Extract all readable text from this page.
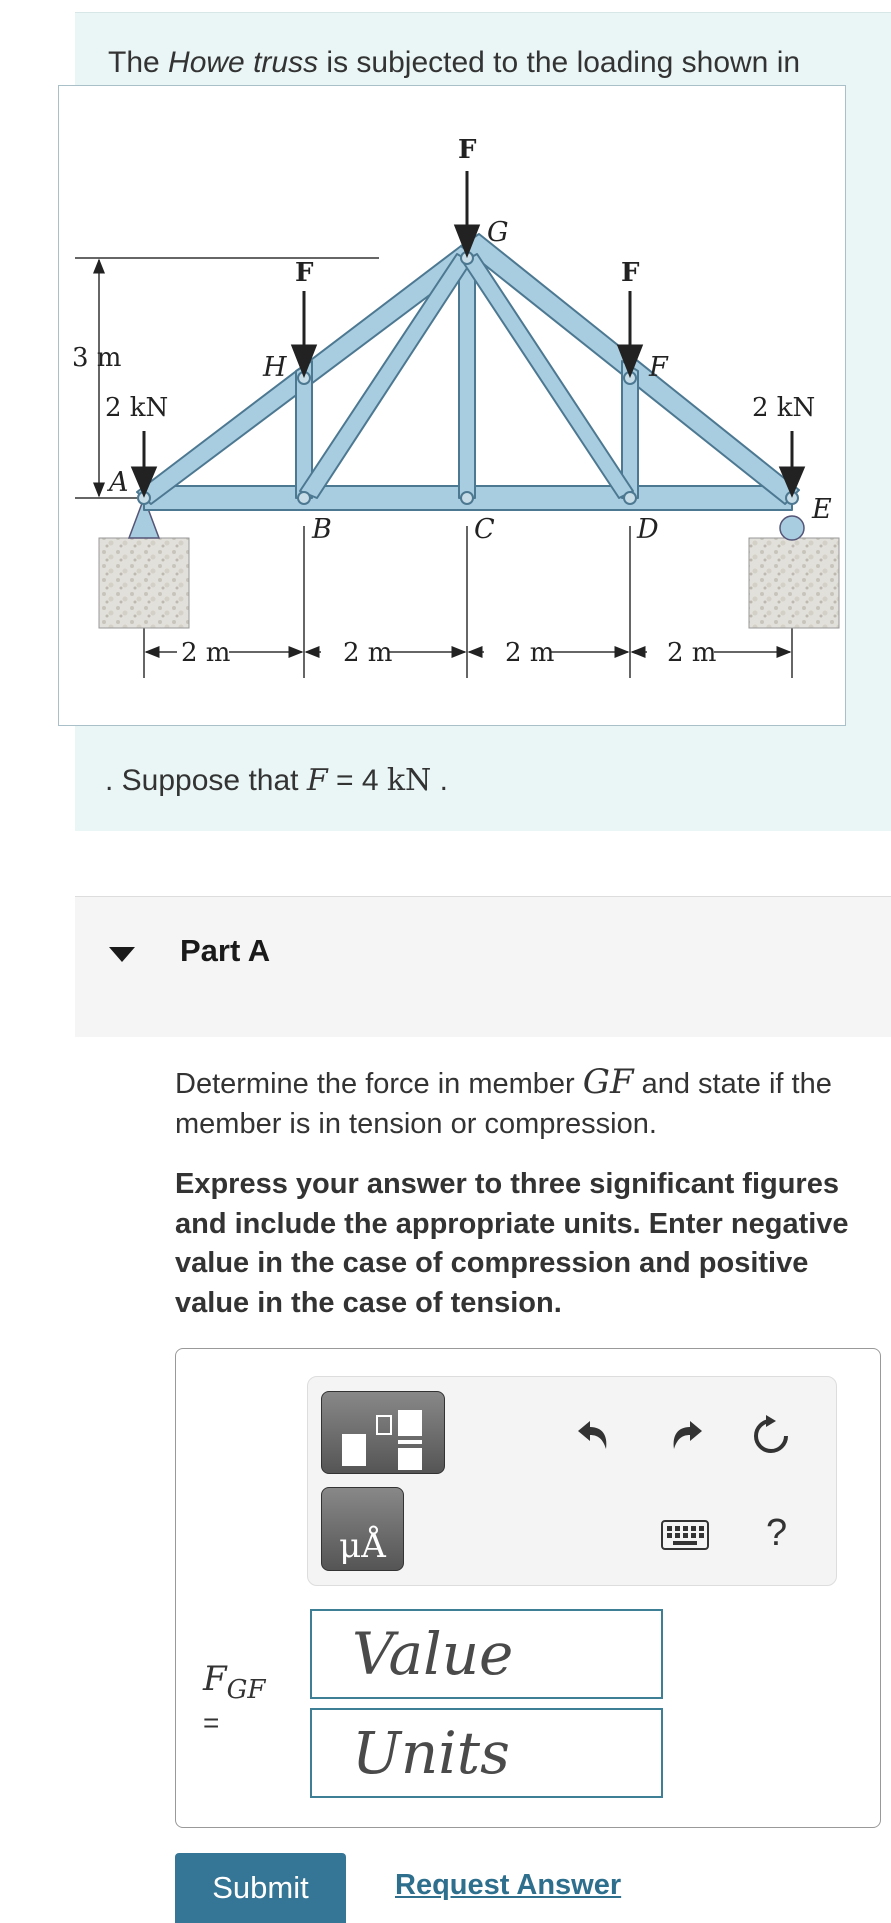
The Howe truss is subjected to the loading shown in
F
F	F
2 kN	2 kN
3 m
2 m	2 m	2 m	2 m
A
B	C	D
E
F
G
H
. Suppose that F = 4 kN .
Part A
Determine the force in member GF and state if the member is in tension or compression.
Express your answer to three significant figures and include the appropriate units. Enter negative value in the case of compression and positive value in the case of tension.
μÅ	?
$F_{GF}$
=
Value
Units
Submit	Request Answer
